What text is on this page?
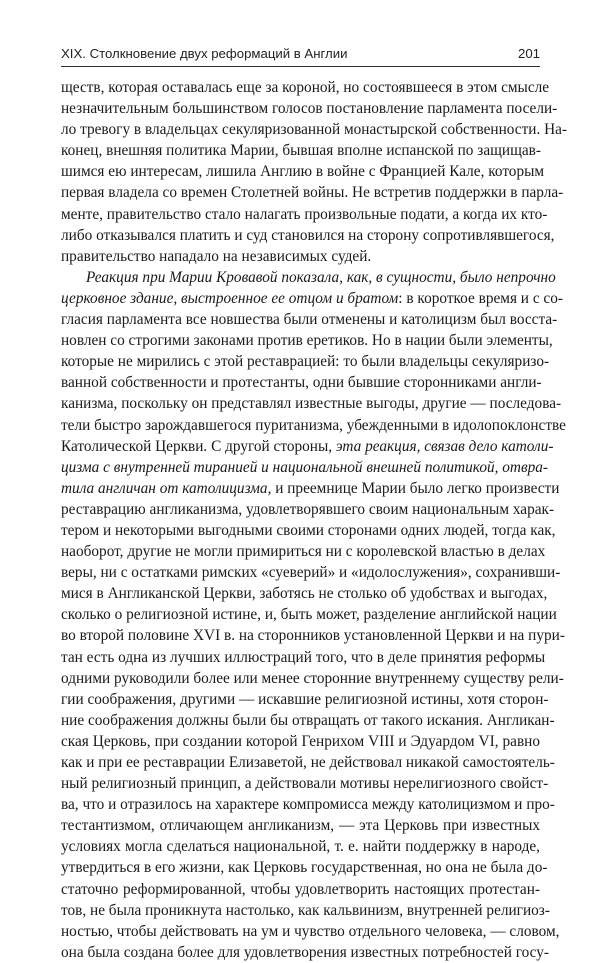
XIX. Столкновение двух реформаций в Англии	201
ществ, которая оставалась еще за короной, но состоявшееся в этом смысле
незначительным большинством голосов постановление парламента посели-
ло тревогу в владельцах секуляризованной монастырской собственности. На-
конец, внешняя политика Марии, бывшая вполне испанской по защищав-
шимся ею интересам, лишила Англию в войне с Францией Кале, которым
первая владела со времен Столетней войны. Не встретив поддержки в парла-
менте, правительство стало налагать произвольные подати, а когда их кто-
либо отказывался платить и суд становился на сторону сопротивлявшегося,
правительство нападало на независимых судей.
Реакция при Марии Кровавой показала, как, в сущности, было непрочно
церковное здание, выстроенное ее отцом и братом: в короткое время и с со-
гласия парламента все новшества были отменены и католицизм был восста-
новлен со строгими законами против еретиков. Но в нации были элементы,
которые не мирились с этой реставрацией: то были владельцы секуляризо-
ванной собственности и протестанты, одни бывшие сторонниками англи-
канизма, поскольку он представлял известные выгоды, другие — последова-
тели быстро зарождавшегося пуританизма, убежденными в идолопоклонстве
Католической Церкви. С другой стороны, эта реакция, связав дело католи-
цизма с внутренней тиранией и национальной внешней политикой, отвра-
тила англичан от католицизма, и преемнице Марии было легко произвести
реставрацию англиканизма, удовлетворявшего своим национальным харак-
тером и некоторыми выгодными своими сторонами одних людей, тогда как,
наоборот, другие не могли примириться ни с королевской властью в делах
веры, ни с остатками римских «суеверий» и «идолослужения», сохранивши-
мися в Англиканской Церкви, заботясь не столько об удобствах и выгодах,
сколько о религиозной истине, и, быть может, разделение английской нации
во второй половине XVI в. на сторонников установленной Церкви и на пури-
тан есть одна из лучших иллюстраций того, что в деле принятия реформы
одними руководили более или менее сторонние внутреннему существу рели-
гии соображения, другими — искавшие религиозной истины, хотя сторон-
ние соображения должны были бы отвращать от такого искания. Англикан-
ская Церковь, при создании которой Генрихом VIII и Эдуардом VI, равно
как и при ее реставрации Елизаветой, не действовал никакой самостоятель-
ный религиозный принцип, а действовали мотивы нерелигиозного свойст-
ва, что и отразилось на характере компромисса между католицизмом и про-
тестантизмом, отличающем англиканизм, — эта Церковь при известных
условиях могла сделаться национальной, т. е. найти поддержку в народе,
утвердиться в его жизни, как Церковь государственная, но она не была до-
статочно реформированной, чтобы удовлетворить настоящих протестан-
тов, не была проникнута настолько, как кальвинизм, внутренней религиоз-
ностью, чтобы действовать на ум и чувство отдельного человека, — словом,
она была создана более для удовлетворения известных потребностей госу-
